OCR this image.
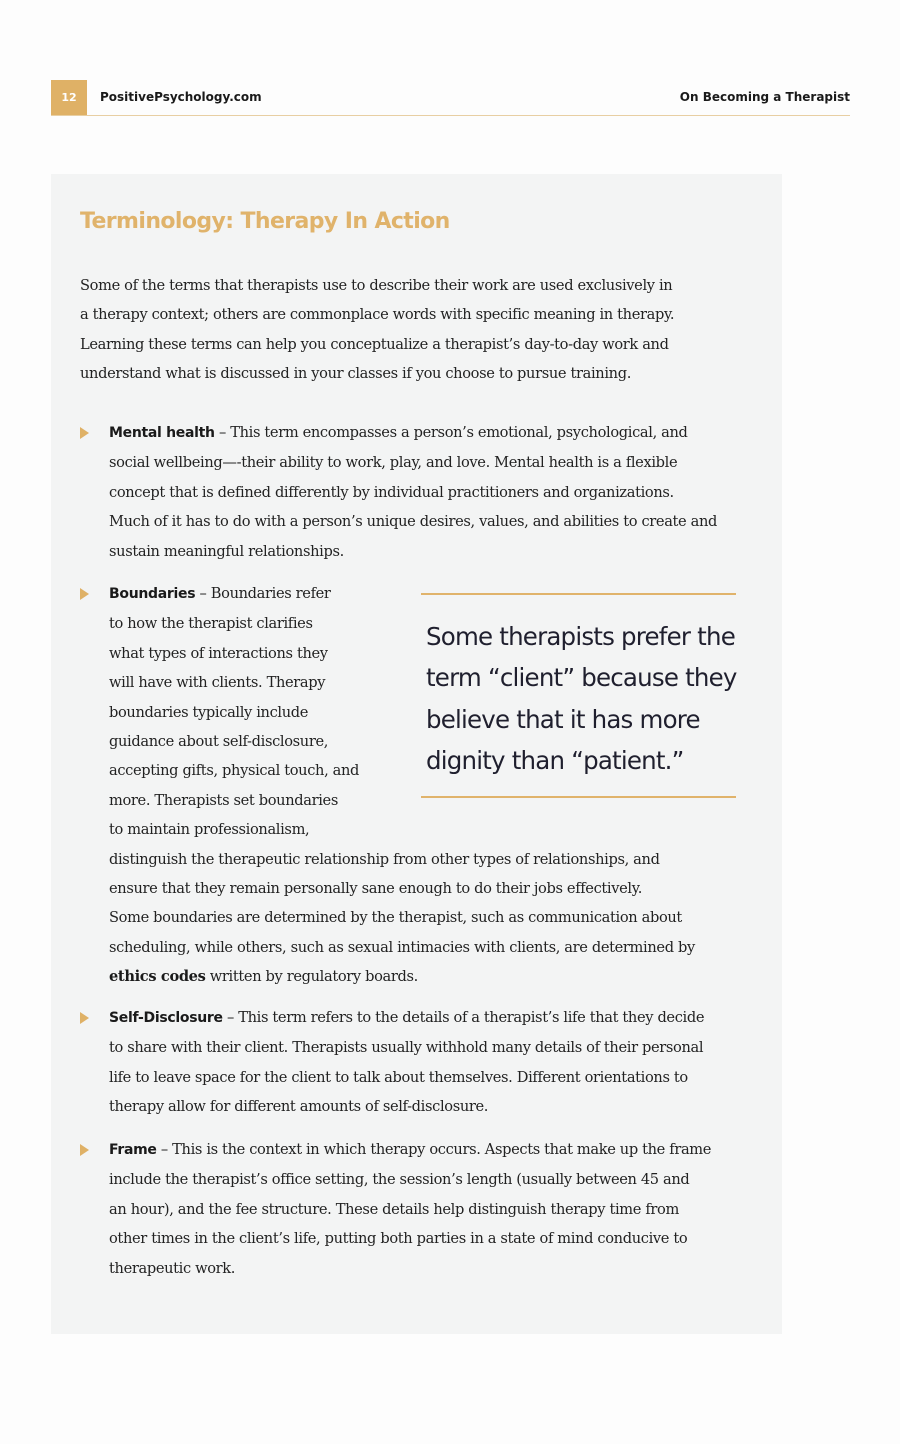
12	PositivePsychology.com	On Becoming a Therapist
Terminology: Therapy In Action
Some of the terms that therapists use to describe their work are used exclusively in
a therapy context; others are commonplace words with specific meaning in therapy.
Learning these terms can help you conceptualize a therapist’s day-to-day work and
understand what is discussed in your classes if you choose to pursue training.
Mental health – This term encompasses a person’s emotional, psychological, and
social wellbeing—-their ability to work, play, and love. Mental health is a flexible
concept that is defined differently by individual practitioners and organizations.
Much of it has to do with a person’s unique desires, values, and abilities to create and
sustain meaningful relationships.
Boundaries – Boundaries refer
to how the therapist clarifies
what types of interactions they
will have with clients. Therapy
boundaries typically include
guidance about self-disclosure,
accepting gifts, physical touch, and
more. Therapists set boundaries
to maintain professionalism,
distinguish the therapeutic relationship from other types of relationships, and
ensure that they remain personally sane enough to do their jobs effectively.
Some boundaries are determined by the therapist, such as communication about
scheduling, while others, such as sexual intimacies with clients, are determined by
ethics codes written by regulatory boards.
Self-Disclosure – This term refers to the details of a therapist’s life that they decide
to share with their client. Therapists usually withhold many details of their personal
life to leave space for the client to talk about themselves. Different orientations to
therapy allow for different amounts of self-disclosure.
Frame – This is the context in which therapy occurs. Aspects that make up the frame
include the therapist’s office setting, the session’s length (usually between 45 and
an hour), and the fee structure. These details help distinguish therapy time from
other times in the client’s life, putting both parties in a state of mind conducive to
therapeutic work.
Some therapists prefer the
term “client” because they
believe that it has more
dignity than “patient.”
